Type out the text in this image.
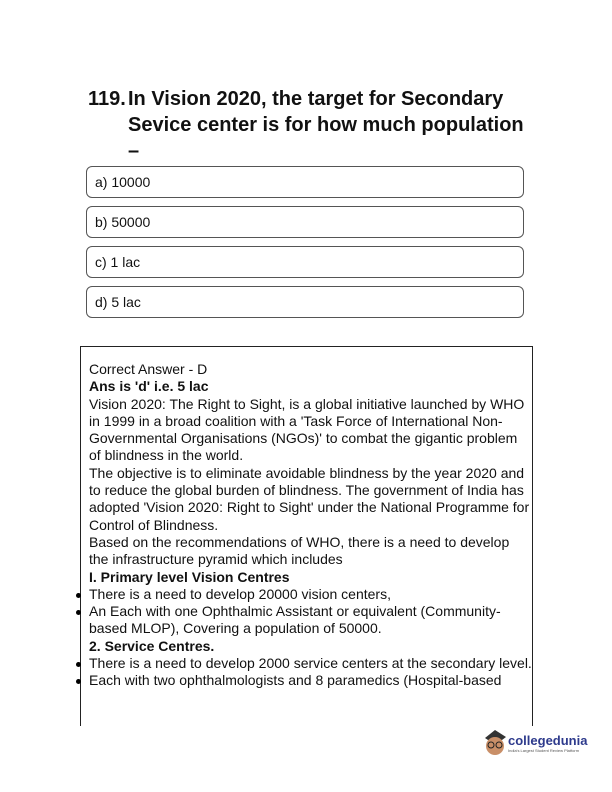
119. In Vision 2020, the target for Secondary Sevice center is for how much population –
a) 10000
b) 50000
c) 1 lac
d) 5 lac

Correct Answer - D

Ans is 'd' i.e. 5 lac

Vision 2020: The Right to Sight, is a global initiative launched by WHO in 1999 in a broad coalition with a 'Task Force of International Non-Governmental Organisations (NGOs)' to combat the gigantic problem of blindness in the world.

The objective is to eliminate avoidable blindness by the year 2020 and to reduce the global burden of blindness. The government of India has adopted 'Vision 2020: Right to Sight' under the National Programme for Control of Blindness.

Based on the recommendations of WHO, there is a need to develop the infrastructure pyramid which includes

I. Primary level Vision Centres

There is a need to develop 20000 vision centers,

An Each with one Ophthalmic Assistant or equivalent (Community-based MLOP), Covering a population of 50000.

2. Service Centres.

There is a need to develop 2000 service centers at the secondary level.

Each with two ophthalmologists and 8 paramedics (Hospital-based

collegedunia
India's Largest Student Review Platform
